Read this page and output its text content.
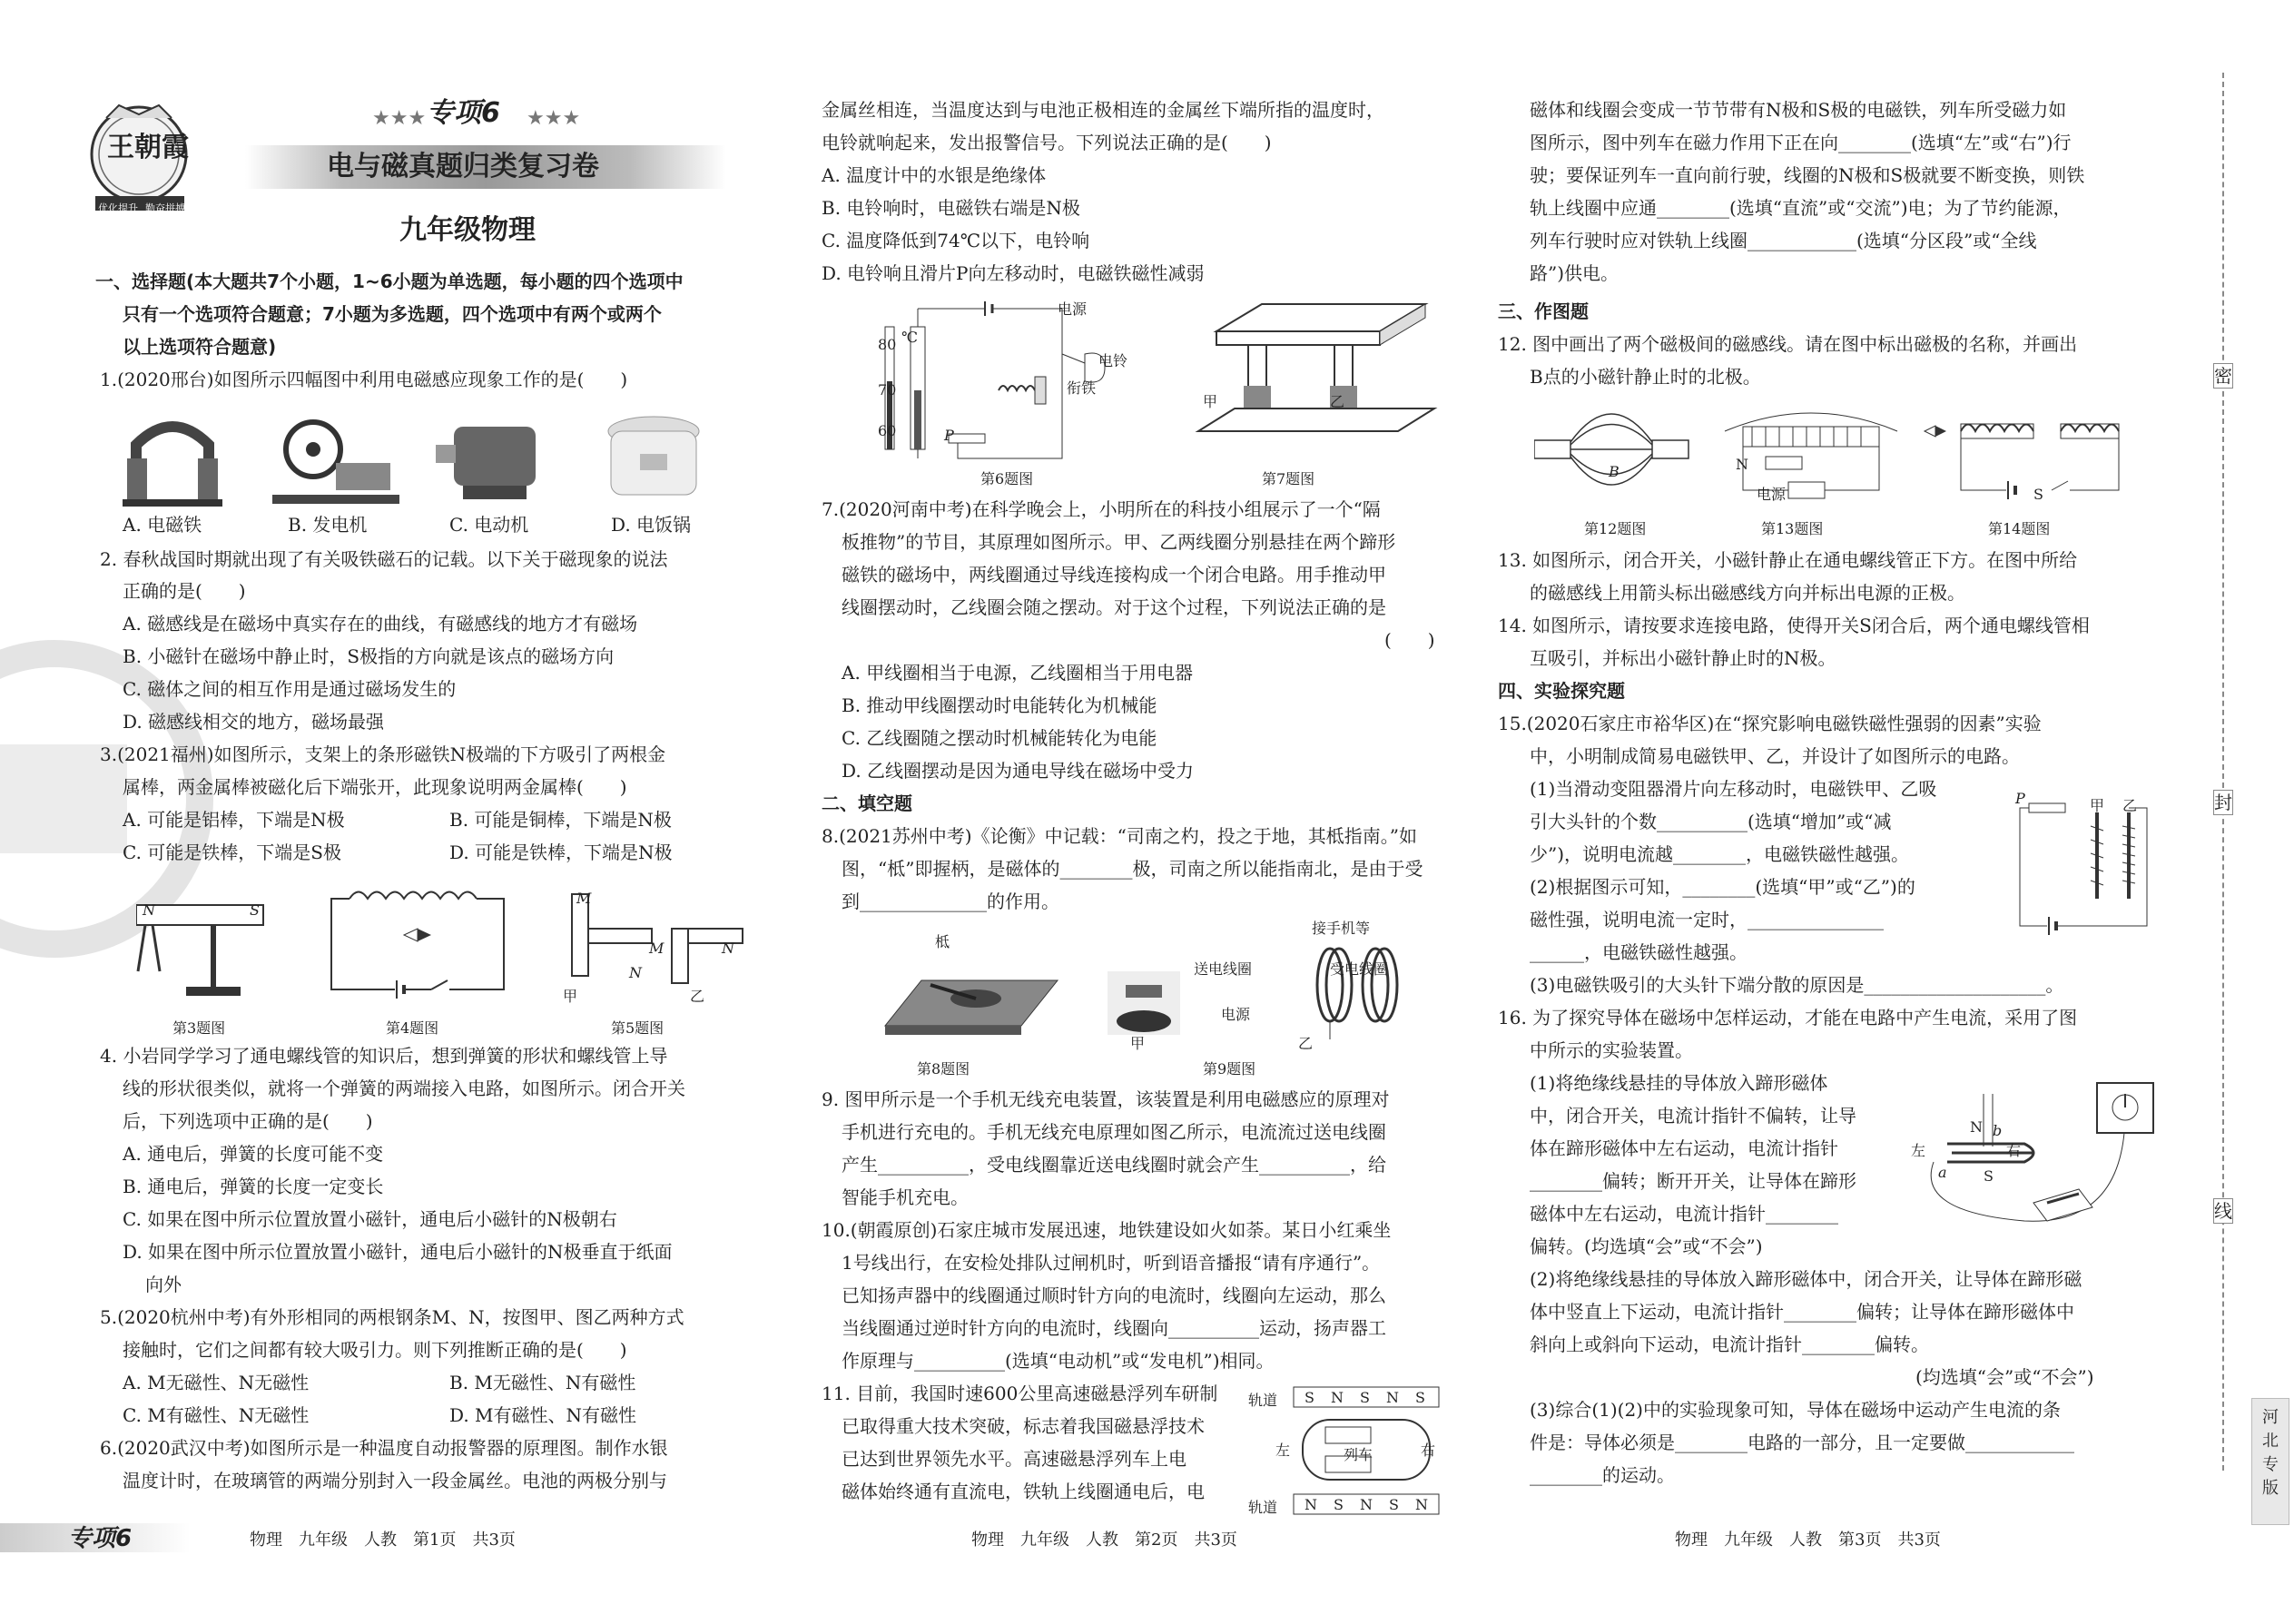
王朝霞
优化提升 勤奋拼搏
★★★ 专项6 ★★★
电与磁真题归类复习卷
九年级物理
一、选择题(本大题共7个小题，1~6小题为单选题，每小题的四个选项中
只有一个选项符合题意；7小题为多选题，四个选项中有两个或两个
以上选项符合题意)
1.(2020邢台)如图所示四幅图中利用电磁感应现象工作的是(　　)
A. 电磁铁	B. 发电机	C. 电动机	D. 电饭锅
2. 春秋战国时期就出现了有关吸铁磁石的记载。以下关于磁现象的说法
正确的是(　　)
A. 磁感线是在磁场中真实存在的曲线，有磁感线的地方才有磁场
B. 小磁针在磁场中静止时，S极指的方向就是该点的磁场方向
C. 磁体之间的相互作用是通过磁场发生的
D. 磁感线相交的地方，磁场最强
3.(2021福州)如图所示，支架上的条形磁铁N极端的下方吸引了两根金
属棒，两金属棒被磁化后下端张开，此现象说明两金属棒(　　)
A. 可能是铝棒，下端是N极	B. 可能是铜棒，下端是N极
C. 可能是铁棒，下端是S极	D. 可能是铁棒，下端是N极
N	S
M
N
M	N
甲	乙
第3题图	第4题图	第5题图
4. 小岩同学学习了通电螺线管的知识后，想到弹簧的形状和螺线管上导
线的形状很类似，就将一个弹簧的两端接入电路，如图所示。闭合开关
后，下列选项中正确的是(　　)
A. 通电后，弹簧的长度可能不变
B. 通电后，弹簧的长度一定变长
C. 如果在图中所示位置放置小磁针，通电后小磁针的N极朝右
D. 如果在图中所示位置放置小磁针，通电后小磁针的N极垂直于纸面
向外
5.(2020杭州中考)有外形相同的两根钢条M、N，按图甲、图乙两种方式
接触时，它们之间都有较大吸引力。则下列推断正确的是(　　)
A. M无磁性、N无磁性	B. M无磁性、N有磁性
C. M有磁性、N无磁性	D. M有磁性、N有磁性
6.(2020武汉中考)如图所示是一种温度自动报警器的原理图。制作水银
温度计时，在玻璃管的两端分别封入一段金属丝。电池的两极分别与
金属丝相连，当温度达到与电池正极相连的金属丝下端所指的温度时，
电铃就响起来，发出报警信号。下列说法正确的是(　　)
A. 温度计中的水银是绝缘体
B. 电铃响时，电磁铁右端是N极
C. 温度降低到74℃以下，电铃响
D. 电铃响且滑片P向左移动时，电磁铁磁性减弱
80
70
60
℃
电源
电铃
衔铁
P
甲	乙
第6题图	第7题图
7.(2020河南中考)在科学晚会上，小明所在的科技小组展示了一个“隔
板推物”的节目，其原理如图所示。甲、乙两线圈分别悬挂在两个蹄形
磁铁的磁场中，两线圈通过导线连接构成一个闭合电路。用手推动甲
线圈摆动时，乙线圈会随之摆动。对于这个过程，下列说法正确的是
(　　)
A. 甲线圈相当于电源，乙线圈相当于用电器
B. 推动甲线圈摆动时电能转化为机械能
C. 乙线圈随之摆动时机械能转化为电能
D. 乙线圈摆动是因为通电导线在磁场中受力
二、填空题
8.(2021苏州中考)《论衡》中记载：“司南之杓，投之于地，其柢指南。”如
图，“柢”即握柄，是磁体的________极，司南之所以能指南北，是由于受
到______________的作用。
柢
送电线圈	受电线圈
接手机等
电源
甲	乙
第8题图	第9题图
9. 图甲所示是一个手机无线充电装置，该装置是利用电磁感应的原理对
手机进行充电的。手机无线充电原理如图乙所示，电流流过送电线圈
产生__________，受电线圈靠近送电线圈时就会产生__________，给
智能手机充电。
10.(朝霞原创)石家庄城市发展迅速，地铁建设如火如荼。某日小红乘坐
1号线出行，在安检处排队过闸机时，听到语音播报“请有序通行”。
已知扬声器中的线圈通过顺时针方向的电流时，线圈向左运动，那么
当线圈通过逆时针方向的电流时，线圈向__________运动，扬声器工
作原理与__________(选填“电动机”或“发电机”)相同。
11. 目前，我国时速600公里高速磁悬浮列车研制
已取得重大技术突破，标志着我国磁悬浮技术
已达到世界领先水平。高速磁悬浮列车上电
磁体始终通有直流电，铁轨上线圈通电后，电
轨道
轨道
左	右
列车
SNSNS
NSNSN
磁体和线圈会变成一节节带有N极和S极的电磁铁，列车所受磁力如
图所示，图中列车在磁力作用下正在向________(选填“左”或“右”)行
驶；要保证列车一直向前行驶，线圈的N极和S极就要不断变换，则铁
轨上线圈中应通________(选填“直流”或“交流”)电；为了节约能源，
列车行驶时应对铁轨上线圈____________(选填“分区段”或“全线
路”)供电。
三、作图题
12. 图中画出了两个磁极间的磁感线。请在图中标出磁极的名称，并画出
B点的小磁针静止时的北极。
B	N
电源	S
第12题图	第13题图	第14题图
13. 如图所示，闭合开关，小磁针静止在通电螺线管正下方。在图中所给
的磁感线上用箭头标出磁感线方向并标出电源的正极。
14. 如图所示，请按要求连接电路，使得开关S闭合后，两个通电螺线管相
互吸引，并标出小磁针静止时的N极。
四、实验探究题
15.(2020石家庄市裕华区)在“探究影响电磁铁磁性强弱的因素”实验
中，小明制成简易电磁铁甲、乙，并设计了如图所示的电路。
(1)当滑动变阻器滑片向左移动时，电磁铁甲、乙吸
引大头针的个数__________(选填“增加”或“减
少”)，说明电流越________，电磁铁磁性越强。
(2)根据图示可知，________(选填“甲”或“乙”)的
磁性强，说明电流一定时，_______________
______，电磁铁磁性越强。
(3)电磁铁吸引的大头针下端分散的原因是____________________。
P	甲 乙
16. 为了探究导体在磁场中怎样运动，才能在电路中产生电流，采用了图
中所示的实验装置。
(1)将绝缘线悬挂的导体放入蹄形磁体
中，闭合开关，电流计指针不偏转，让导
体在蹄形磁体中左右运动，电流计指针
________偏转；断开开关，让导体在蹄形
磁体中左右运动，电流计指针________
偏转。(均选填“会”或“不会”)
(2)将绝缘线悬挂的导体放入蹄形磁体中，闭合开关，让导体在蹄形磁
体中竖直上下运动，电流计指针________偏转；让导体在蹄形磁体中
斜向上或斜向下运动，电流计指针________偏转。
(均选填“会”或“不会”)
(3)综合(1)(2)中的实验现象可知，导体在磁场中运动产生电流的条
件是：导体必须是________电路的一部分，且一定要做____________
________的运动。
左	右
N
S
b
a
专项6	物理　九年级　人教　第1页　共3页	物理　九年级　人教　第2页　共3页	物理　九年级　人教　第3页　共3页
密
封
线
河
北
专
版
